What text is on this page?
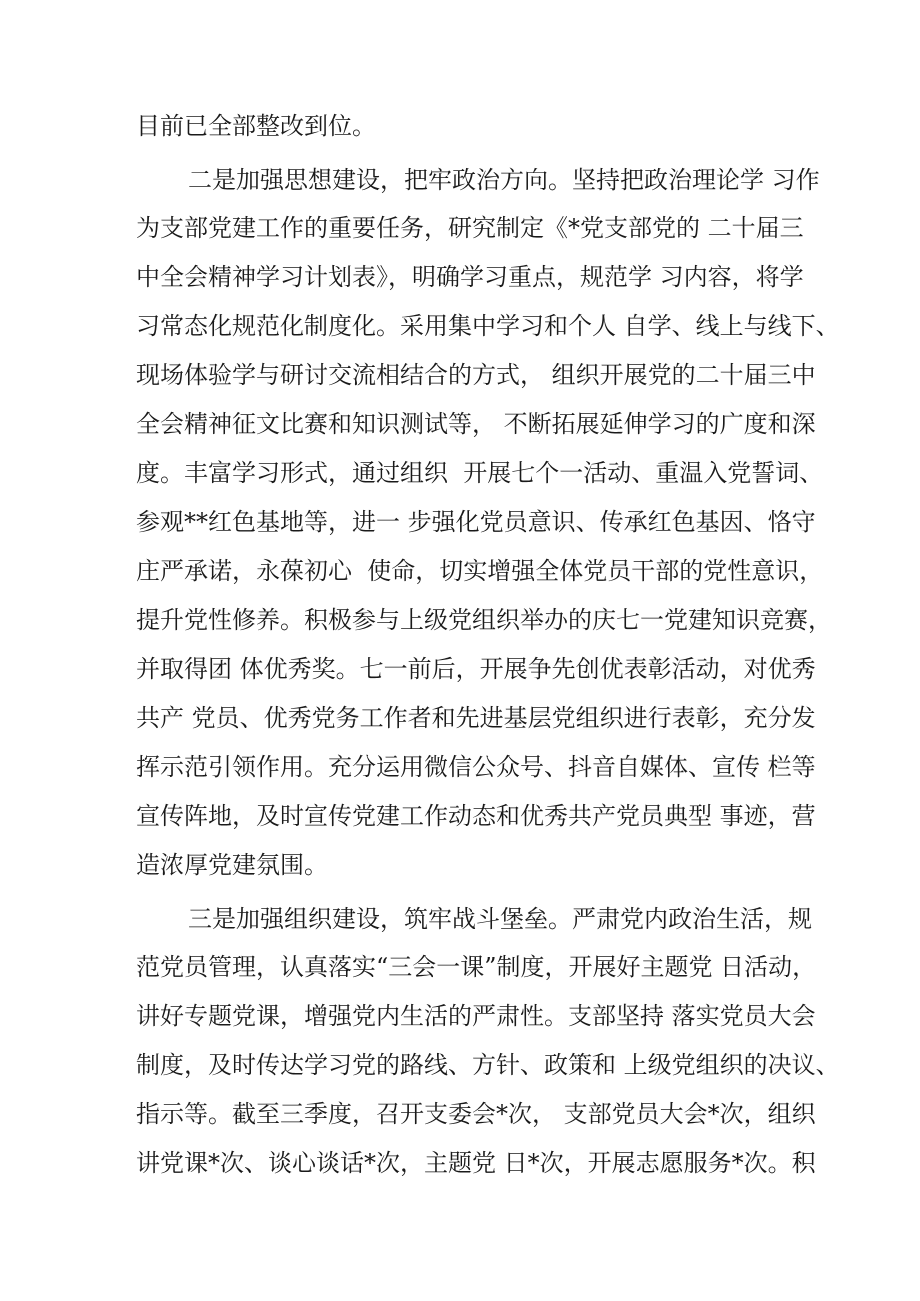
目前已全部整改到位。

二是加强思想建设，把牢政治方向。坚持把政治理论学 习作

为支部党建工作的重要任务，研究制定《*党支部党的 二十届三

中全会精神学习计划表》，明确学习重点，规范学 习内容，将学

习常态化规范化制度化。采用集中学习和个人 自学、线上与线下、

现场体验学与研讨交流相结合的方式， 组织开展党的二十届三中

全会精神征文比赛和知识测试等， 不断拓展延伸学习的广度和深

度。丰富学习形式，通过组织  开展七个一活动、重温入党誓词、

参观**红色基地等，进一 步强化党员意识、传承红色基因、恪守

庄严承诺，永葆初心  使命，切实增强全体党员干部的党性意识，

提升党性修养。积极参与上级党组织举办的庆七一党建知识竞赛，

并取得团 体优秀奖。七一前后，开展争先创优表彰活动，对优秀

共产 党员、优秀党务工作者和先进基层党组织进行表彰，充分发

挥示范引领作用。充分运用微信公众号、抖音自媒体、宣传 栏等

宣传阵地，及时宣传党建工作动态和优秀共产党员典型 事迹，营

造浓厚党建氛围。

三是加强组织建设，筑牢战斗堡垒。严肃党内政治生活，规

范党员管理，认真落实“三会一课”制度，开展好主题党 日活动，

讲好专题党课，增强党内生活的严肃性。支部坚持 落实党员大会

制度，及时传达学习党的路线、方针、政策和 上级党组织的决议、

指示等。截至三季度，召开支委会*次， 支部党员大会*次，组织

讲党课*次、谈心谈话*次，主题党 日*次，开展志愿服务*次。积
